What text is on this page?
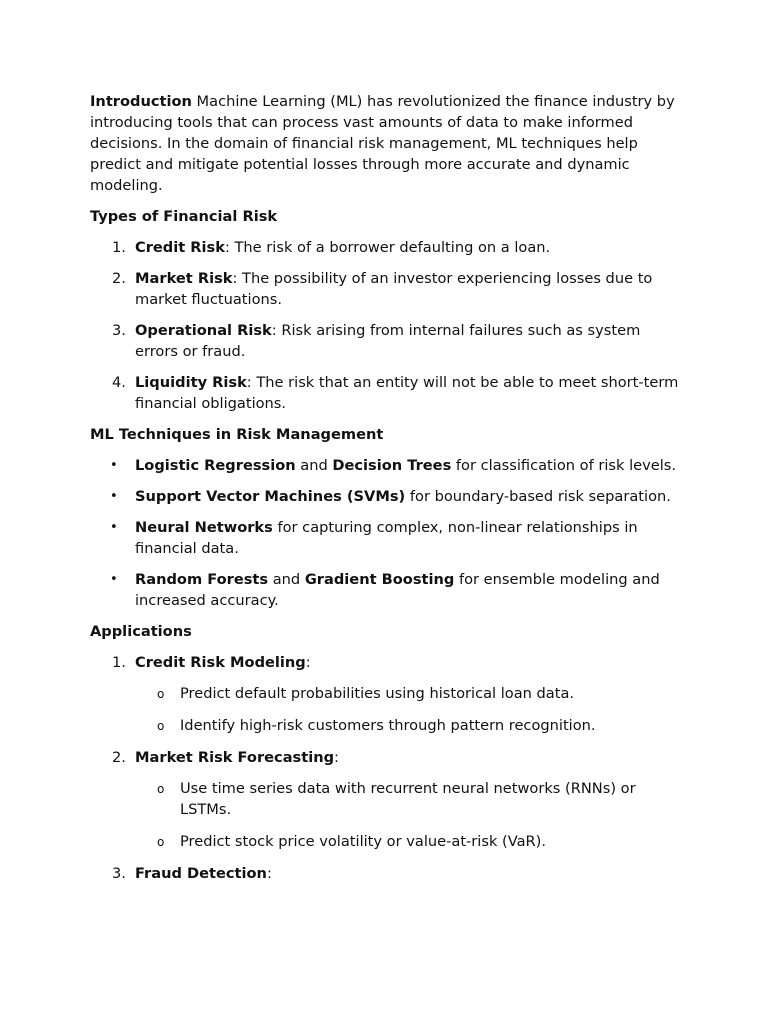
Introduction Machine Learning (ML) has revolutionized the finance industry by introducing tools that can process vast amounts of data to make informed decisions. In the domain of financial risk management, ML techniques help predict and mitigate potential losses through more accurate and dynamic modeling.

Types of Financial Risk
1. Credit Risk: The risk of a borrower defaulting on a loan.
2. Market Risk: The possibility of an investor experiencing losses due to market fluctuations.
3. Operational Risk: Risk arising from internal failures such as system errors or fraud.
4. Liquidity Risk: The risk that an entity will not be able to meet short-term financial obligations.
ML Techniques in Risk Management
• Logistic Regression and Decision Trees for classification of risk levels.
• Support Vector Machines (SVMs) for boundary-based risk separation.
• Neural Networks for capturing complex, non-linear relationships in financial data.
• Random Forests and Gradient Boosting for ensemble modeling and increased accuracy.
Applications
1. Credit Risk Modeling:
o Predict default probabilities using historical loan data.
o Identify high-risk customers through pattern recognition.
2. Market Risk Forecasting:
o Use time series data with recurrent neural networks (RNNs) or LSTMs.
o Predict stock price volatility or value-at-risk (VaR).
3. Fraud Detection:
